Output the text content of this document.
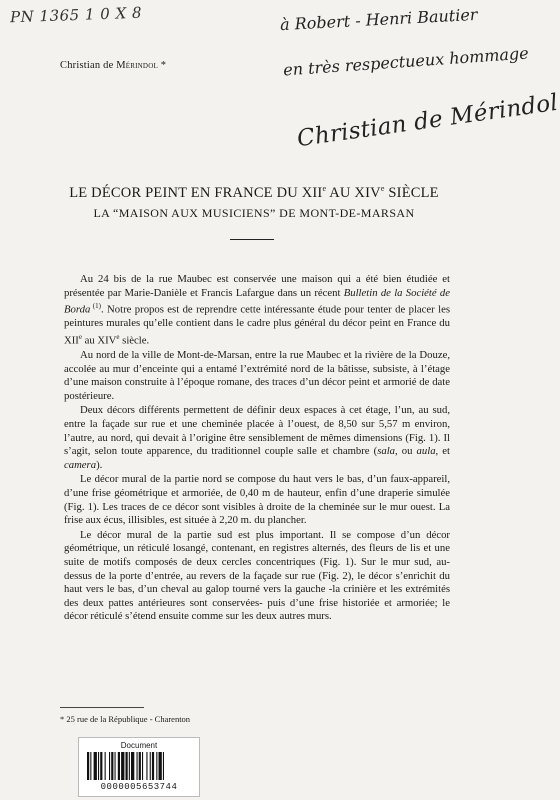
PN 1365 1 0 X 8	à Robert - Henri Bautier
en très respectueux hommage
Christian de Mérindol
Christian de Mérindol *
LE DÉCOR PEINT EN FRANCE DU XIIe AU XIVe SIÈCLE
LA “MAISON AUX MUSICIENS” DE MONT-DE-MARSAN

Au 24 bis de la rue Maubec est conservée une maison qui a été bien étudiée et présentée par Marie-Danièle et Francis Lafargue dans un récent Bulletin de la Société de Borda $^{(1)}$. Notre propos est de reprendre cette intéressante étude pour tenter de placer les peintures murales qu’elle contient dans le cadre plus général du décor peint en France du XIIe au XIVe siècle.

Au nord de la ville de Mont-de-Marsan, entre la rue Maubec et la rivière de la Douze, accolée au mur d’enceinte qui a entamé l’extrémité nord de la bâtisse, subsiste, à l’étage d’une maison construite à l’époque romane, des traces d’un décor peint et armorié de date postérieure.

Deux décors différents permettent de définir deux espaces à cet étage, l’un, au sud, entre la façade sur rue et une cheminée placée à l’ouest, de 8,50 sur 5,57 m environ, l’autre, au nord, qui devait à l’origine être sensiblement de mêmes dimensions (Fig. 1). Il s’agit, selon toute apparence, du traditionnel couple salle et chambre (sala, ou aula, et camera).

Le décor mural de la partie nord se compose du haut vers le bas, d’un faux-appareil, d’une frise géométrique et armoriée, de 0,40 m de hauteur, enfin d’une draperie simulée (Fig. 1). Les traces de ce décor sont visibles à droite de la cheminée sur le mur ouest. La frise aux écus, illisibles, est située à 2,20 m. du plancher.

Le décor mural de la partie sud est plus important. Il se compose d’un décor géométrique, un réticulé losangé, contenant, en registres alternés, des fleurs de lis et une suite de motifs composés de deux cercles concentriques (Fig. 1). Sur le mur sud, au-dessus de la porte d’entrée, au revers de la façade sur rue (Fig. 2), le décor s’enrichit du haut vers le bas, d’un cheval au galop tourné vers la gauche -la crinière et les extrémités des deux pattes antérieures sont conservées- puis d’une frise historiée et armoriée; le décor réticulé s’étend ensuite comme sur les deux autres murs.

* 25 rue de la République - Charenton
Document
0000005653744
